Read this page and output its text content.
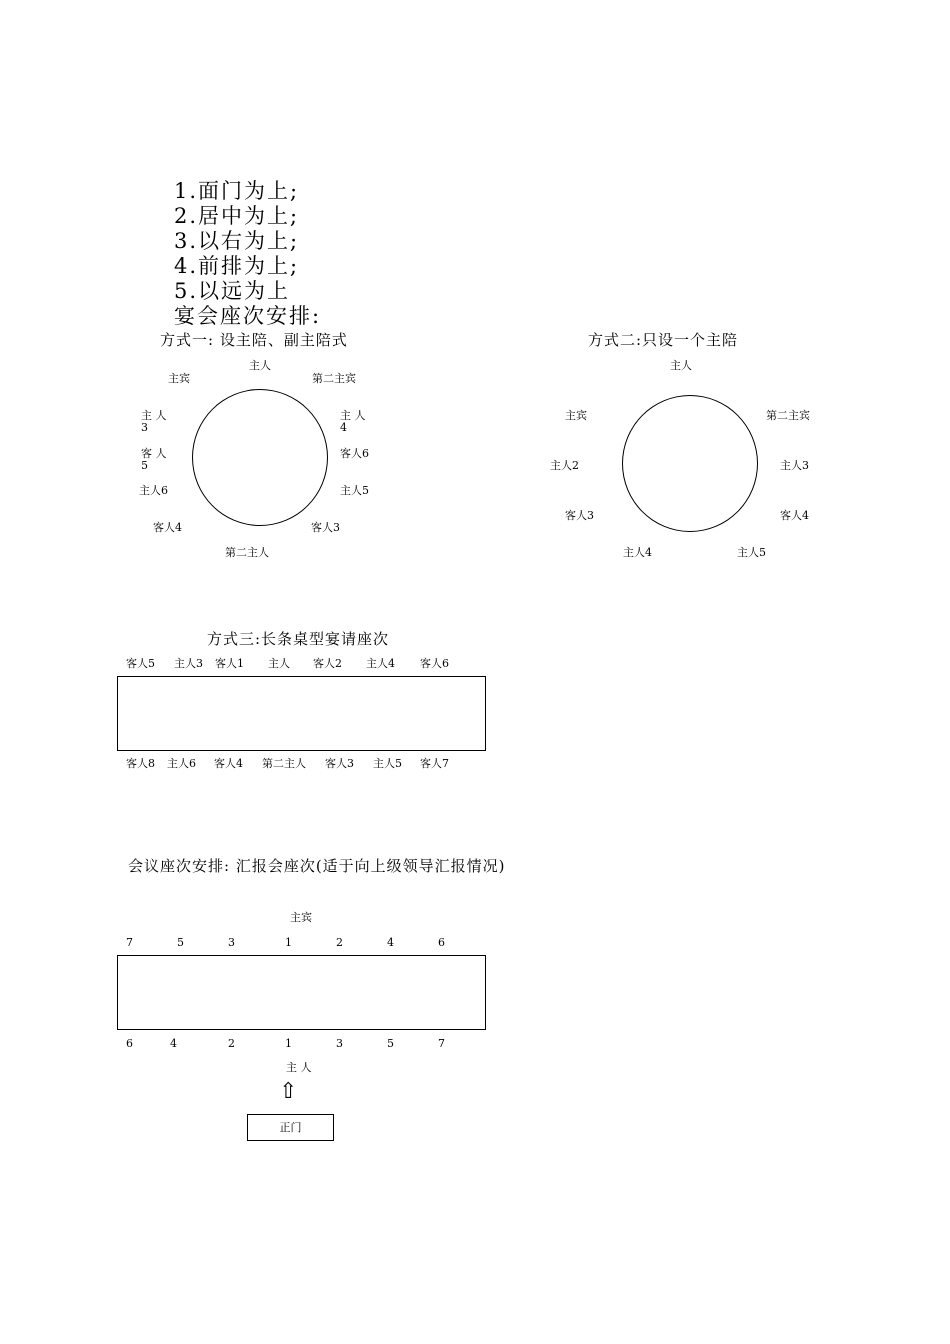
1.面门为上;
2.居中为上;
3.以右为上;
4.前排为上;
5.以远为上
宴会座次安排:
方式一: 设主陪、副主陪式
主人
主宾	第二主宾
主 人 3
主 人 4
客 人 5
客人6
主人6	主人5
客人4	客人3
第二主人
方式二:只设一个主陪
主人
主宾	第二主宾
主人2	主人3
客人3	客人4
主人4	主人5
方式三:长条桌型宴请座次
客人5 主人3 客人1 主人 客人2 主人4 客人6
客人8 主人6 客人4 第二主人 客人3 主人5 客人7
会议座次安排: 汇报会座次(适于向上级领导汇报情况)
主宾
7	5	3	1	2	4	6
6	4	2	1	3	5	7
主 人
⇧
正门
